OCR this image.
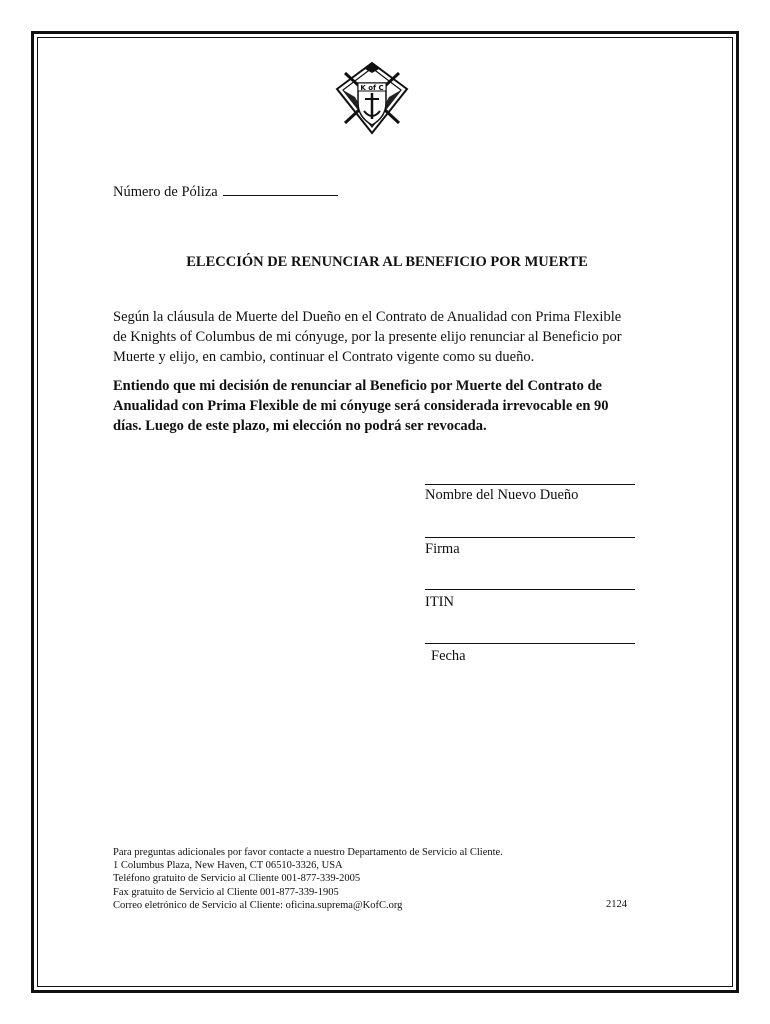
K of C
Número de Póliza
ELECCIÓN DE RENUNCIAR AL BENEFICIO POR MUERTE
Según la cláusula de Muerte del Dueño en el Contrato de Anualidad con Prima Flexible
de Knights of Columbus de mi cónyuge, por la presente elijo renunciar al Beneficio por
Muerte y elijo, en cambio, continuar el Contrato vigente como su dueño.
Entiendo que mi decisión de renunciar al Beneficio por Muerte del Contrato de
Anualidad con Prima Flexible de mi cónyuge será considerada irrevocable en 90
días. Luego de este plazo, mi elección no podrá ser revocada.
Nombre del Nuevo Dueño
Firma
ITIN
Fecha
Para preguntas adicionales por favor contacte a nuestro Departamento de Servicio al Cliente.
1 Columbus Plaza, New Haven, CT 06510-3326, USA
Teléfono gratuito de Servicio al Cliente 001-877-339-2005
Fax gratuito de Servicio al Cliente 001-877-339-1905
Correo eletrónico de Servicio al Cliente: oficina.suprema@KofC.org	2124
